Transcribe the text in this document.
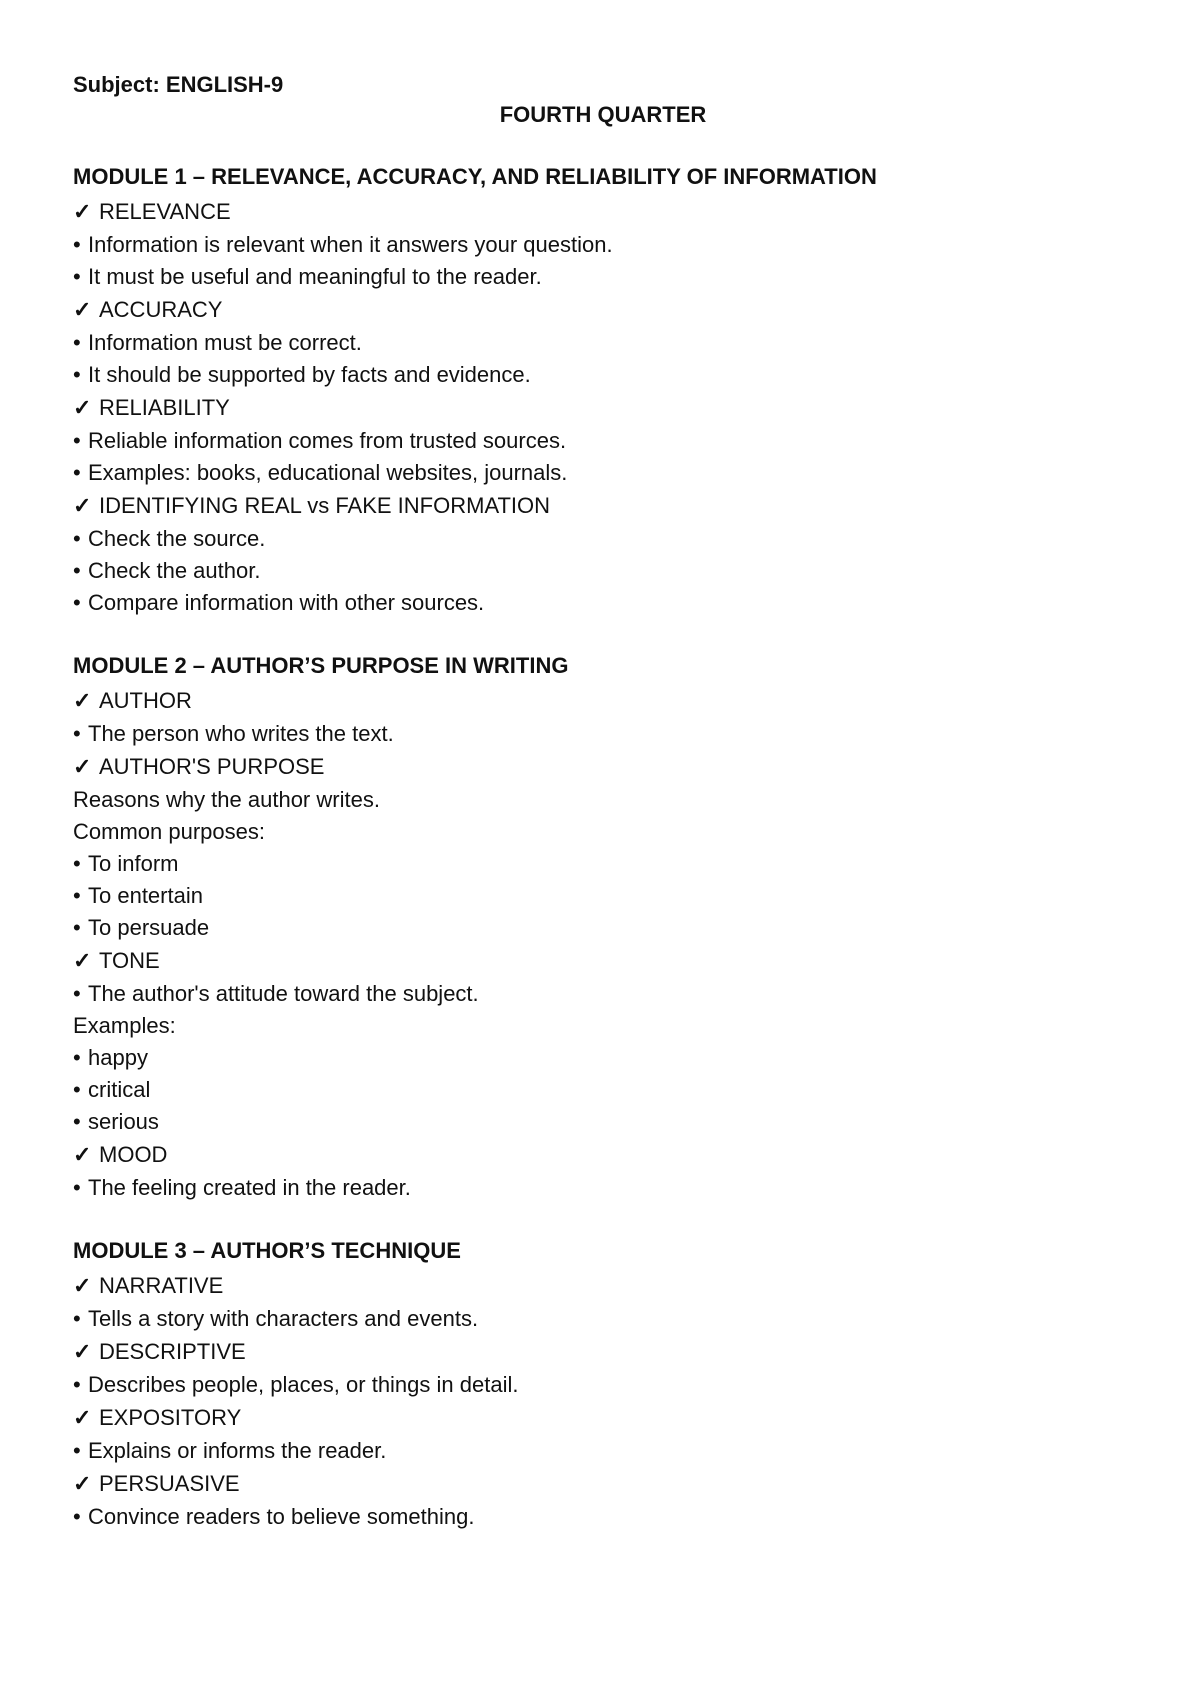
Subject: ENGLISH-9
FOURTH QUARTER
MODULE 1 – RELEVANCE, ACCURACY, AND RELIABILITY OF INFORMATION
✓ RELEVANCE
• Information is relevant when it answers your question.
• It must be useful and meaningful to the reader.
✓ ACCURACY
• Information must be correct.
• It should be supported by facts and evidence.
✓ RELIABILITY
• Reliable information comes from trusted sources.
• Examples: books, educational websites, journals.
✓ IDENTIFYING REAL vs FAKE INFORMATION
• Check the source.
• Check the author.
• Compare information with other sources.
MODULE 2 – AUTHOR’S PURPOSE IN WRITING
✓ AUTHOR
• The person who writes the text.
✓ AUTHOR'S PURPOSE
Reasons why the author writes.
Common purposes:
• To inform
• To entertain
• To persuade
✓ TONE
• The author's attitude toward the subject.
Examples:
• happy
• critical
• serious
✓ MOOD
• The feeling created in the reader.
MODULE 3 – AUTHOR’S TECHNIQUE
✓ NARRATIVE
• Tells a story with characters and events.
✓ DESCRIPTIVE
• Describes people, places, or things in detail.
✓ EXPOSITORY
• Explains or informs the reader.
✓ PERSUASIVE
• Convince readers to believe something.
